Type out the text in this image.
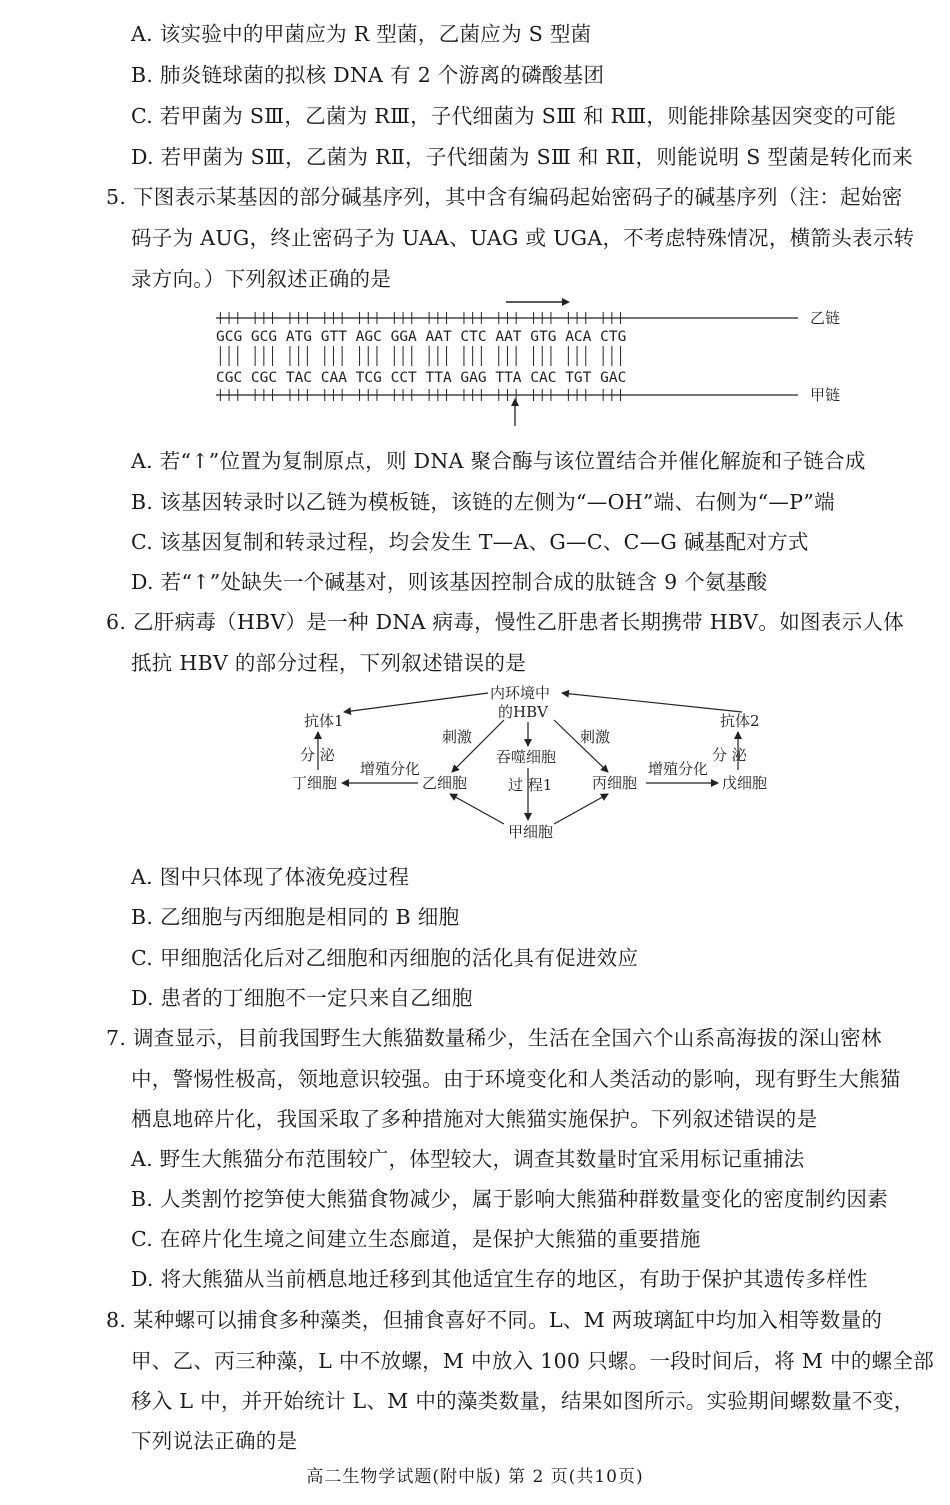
A. 该实验中的甲菌应为 R 型菌，乙菌应为 S 型菌
B. 肺炎链球菌的拟核 DNA 有 2 个游离的磷酸基团
C. 若甲菌为 SⅢ，乙菌为 RⅢ，子代细菌为 SⅢ 和 RⅢ，则能排除基因突变的可能
D. 若甲菌为 SⅢ，乙菌为 RⅡ，子代细菌为 SⅢ 和 RⅡ，则能说明 S 型菌是转化而来
5. 下图表示某基因的部分碱基序列，其中含有编码起始密码子的碱基序列（注：起始密
码子为 AUG，终止密码子为 UAA、UAG 或 UGA，不考虑特殊情况，横箭头表示转
录方向。）下列叙述正确的是
GCG GCG ATG GTT AGC GGA AAT CTC AAT GTG ACA CTG
CGC CGC TAC CAA TCG CCT TTA GAG TTA CAC TGT GAC
乙链
甲链
A. 若“↑”位置为复制原点，则 DNA 聚合酶与该位置结合并催化解旋和子链合成
B. 该基因转录时以乙链为模板链，该链的左侧为“—OH”端、右侧为“—P”端
C. 该基因复制和转录过程，均会发生 T—A、G—C、C—G 碱基配对方式
D. 若“↑”处缺失一个碱基对，则该基因控制合成的肽链含 9 个氨基酸
6. 乙肝病毒（HBV）是一种 DNA 病毒，慢性乙肝患者长期携带 HBV。如图表示人体
抵抗 HBV 的部分过程，下列叙述错误的是
内环境中
的HBV
抗体1	抗体2
刺激	刺激
吞噬细胞
过 程1
增殖分化	增殖分化
分 泌	分 泌
丁细胞	乙细胞	丙细胞	戊细胞
甲细胞
A. 图中只体现了体液免疫过程
B. 乙细胞与丙细胞是相同的 B 细胞
C. 甲细胞活化后对乙细胞和丙细胞的活化具有促进效应
D. 患者的丁细胞不一定只来自乙细胞
7. 调查显示，目前我国野生大熊猫数量稀少，生活在全国六个山系高海拔的深山密林
中，警惕性极高，领地意识较强。由于环境变化和人类活动的影响，现有野生大熊猫
栖息地碎片化，我国采取了多种措施对大熊猫实施保护。下列叙述错误的是
A. 野生大熊猫分布范围较广，体型较大，调查其数量时宜采用标记重捕法
B. 人类割竹挖笋使大熊猫食物减少，属于影响大熊猫种群数量变化的密度制约因素
C. 在碎片化生境之间建立生态廊道，是保护大熊猫的重要措施
D. 将大熊猫从当前栖息地迁移到其他适宜生存的地区，有助于保护其遗传多样性
8. 某种螺可以捕食多种藻类，但捕食喜好不同。L、M 两玻璃缸中均加入相等数量的
甲、乙、丙三种藻，L 中不放螺，M 中放入 100 只螺。一段时间后，将 M 中的螺全部
移入 L 中，并开始统计 L、M 中的藻类数量，结果如图所示。实验期间螺数量不变，
下列说法正确的是
高二生物学试题(附中版) 第 2 页(共10页)
